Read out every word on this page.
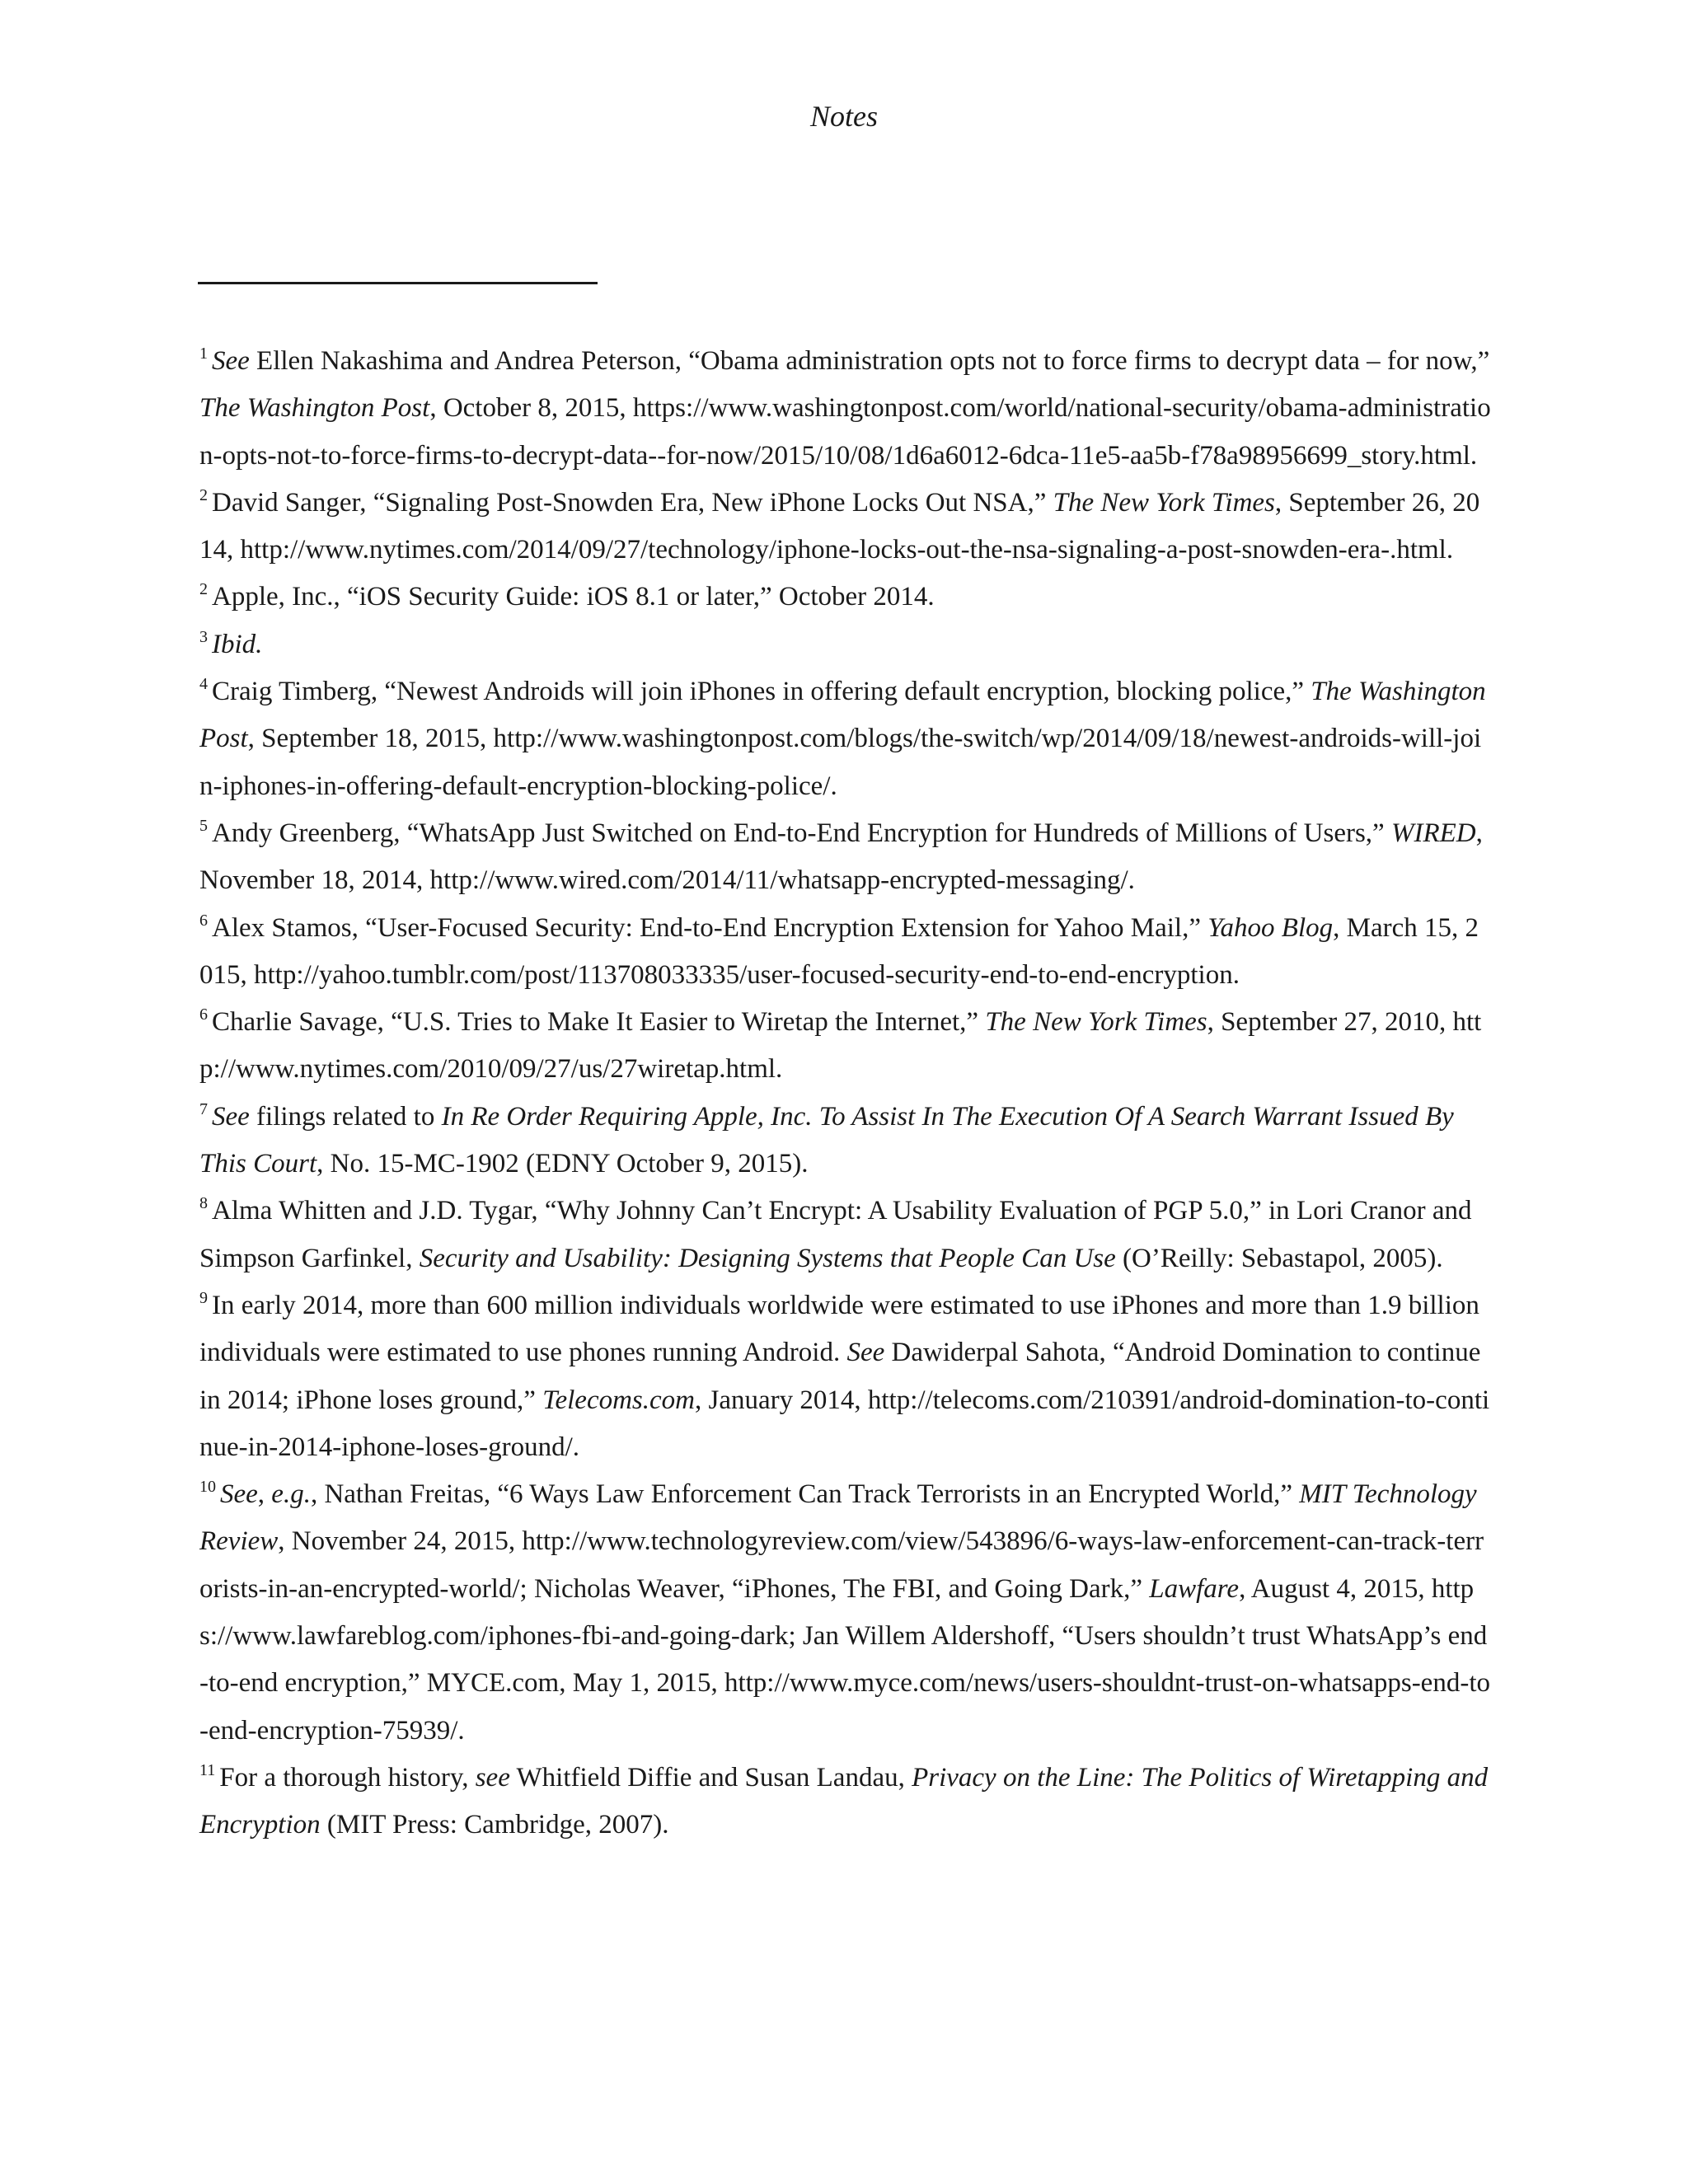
Notes

$^1$ See Ellen Nakashima and Andrea Peterson, “Obama administration opts not to force firms to decrypt data – for now,” The Washington Post, October 8, 2015, https://www.washingtonpost.com/world/national-security/obama-administration-opts-not-to-force-firms-to-decrypt-data--for-now/2015/10/08/1d6a6012-6dca-11e5-aa5b-f78a98956699_story.html.

$^2$ David Sanger, “Signaling Post-Snowden Era, New iPhone Locks Out NSA,” The New York Times, September 26, 2014, http://www.nytimes.com/2014/09/27/technology/iphone-locks-out-the-nsa-signaling-a-post-snowden-era-.html.

$^2$ Apple, Inc., “iOS Security Guide: iOS 8.1 or later,” October 2014.

$^3$ Ibid.

$^4$ Craig Timberg, “Newest Androids will join iPhones in offering default encryption, blocking police,” The Washington Post, September 18, 2015, http://www.washingtonpost.com/blogs/the-switch/wp/2014/09/18/newest-androids-will-join-iphones-in-offering-default-encryption-blocking-police/.

$^5$ Andy Greenberg, “WhatsApp Just Switched on End-to-End Encryption for Hundreds of Millions of Users,” WIRED, November 18, 2014, http://www.wired.com/2014/11/whatsapp-encrypted-messaging/.

$^6$ Alex Stamos, “User-Focused Security: End-to-End Encryption Extension for Yahoo Mail,” Yahoo Blog, March 15, 2015, http://yahoo.tumblr.com/post/113708033335/user-focused-security-end-to-end-encryption.

$^6$ Charlie Savage, “U.S. Tries to Make It Easier to Wiretap the Internet,” The New York Times, September 27, 2010, http://www.nytimes.com/2010/09/27/us/27wiretap.html.

$^7$ See filings related to In Re Order Requiring Apple, Inc. To Assist In The Execution Of A Search Warrant Issued By This Court, No. 15-MC-1902 (EDNY October 9, 2015).

$^8$ Alma Whitten and J.D. Tygar, “Why Johnny Can’t Encrypt: A Usability Evaluation of PGP 5.0,” in Lori Cranor and Simpson Garfinkel, Security and Usability: Designing Systems that People Can Use (O’Reilly: Sebastapol, 2005).

$^9$ In early 2014, more than 600 million individuals worldwide were estimated to use iPhones and more than 1.9 billion individuals were estimated to use phones running Android. See Dawiderpal Sahota, “Android Domination to continue in 2014; iPhone loses ground,” Telecoms.com, January 2014, http://telecoms.com/210391/android-domination-to-continue-in-2014-iphone-loses-ground/.

$^{10}$ See, e.g., Nathan Freitas, “6 Ways Law Enforcement Can Track Terrorists in an Encrypted World,” MIT Technology Review, November 24, 2015, http://www.technologyreview.com/view/543896/6-ways-law-enforcement-can-track-terrorists-in-an-encrypted-world/; Nicholas Weaver, “iPhones, The FBI, and Going Dark,” Lawfare, August 4, 2015, https://www.lawfareblog.com/iphones-fbi-and-going-dark; Jan Willem Aldershoff, “Users shouldn’t trust WhatsApp’s end-to-end encryption,” MYCE.com, May 1, 2015, http://www.myce.com/news/users-shouldnt-trust-on-whatsapps-end-to-end-encryption-75939/.

$^{11}$ For a thorough history, see Whitfield Diffie and Susan Landau, Privacy on the Line: The Politics of Wiretapping and Encryption (MIT Press: Cambridge, 2007).
